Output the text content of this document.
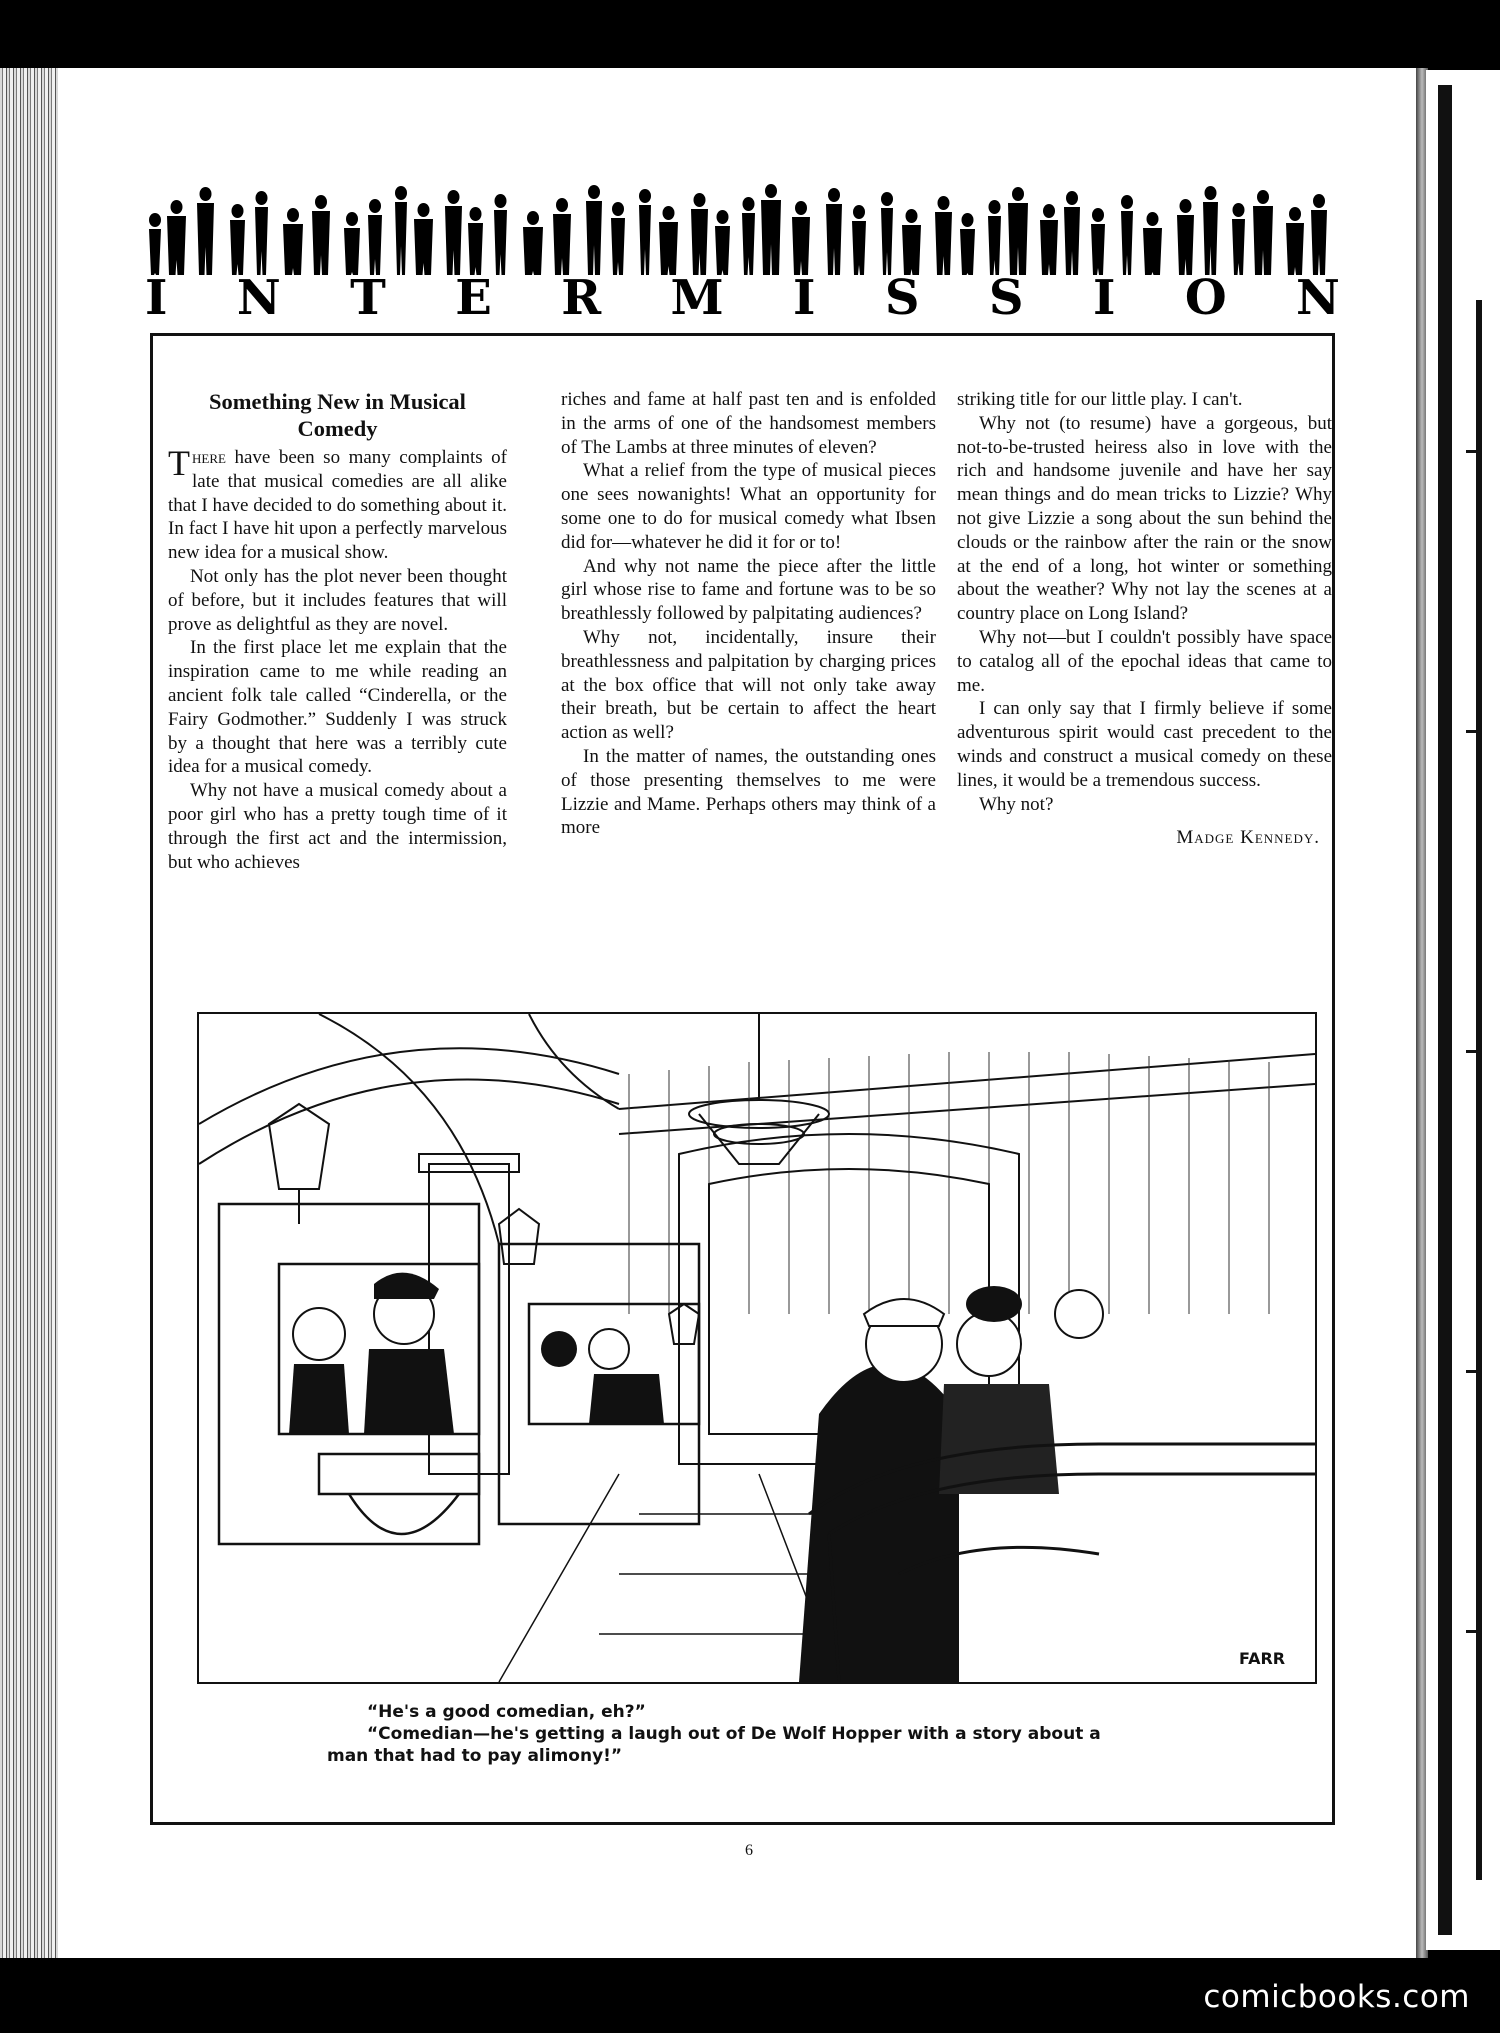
I N T E R M I S S I O N
Something New in Musical Comedy

There have been so many complaints of late that musical comedies are all alike that I have decided to do something about it. In fact I have hit upon a perfectly marvelous new idea for a musical show.

Not only has the plot never been thought of before, but it includes features that will prove as delightful as they are novel.

In the first place let me explain that the inspiration came to me while reading an ancient folk tale called “Cinderella, or the Fairy Godmother.” Suddenly I was struck by a thought that here was a terribly cute idea for a musical comedy.

Why not have a musical comedy about a poor girl who has a pretty tough time of it through the first act and the intermission, but who achieves

riches and fame at half past ten and is enfolded in the arms of one of the handsomest members of The Lambs at three minutes of eleven?

What a relief from the type of musical pieces one sees nowanights! What an opportunity for some one to do for musical comedy what Ibsen did for—whatever he did it for or to!

And why not name the piece after the little girl whose rise to fame and fortune was to be so breathlessly followed by palpitating audiences?

Why not, incidentally, insure their breathlessness and palpitation by charging prices at the box office that will not only take away their breath, but be certain to affect the heart action as well?

In the matter of names, the outstanding ones of those presenting themselves to me were Lizzie and Mame. Perhaps others may think of a more

striking title for our little play. I can't.

Why not (to resume) have a gorgeous, but not-to-be-trusted heiress also in love with the rich and handsome juvenile and have her say mean things and do mean tricks to Lizzie? Why not give Lizzie a song about the sun behind the clouds or the rainbow after the rain or the snow at the end of a long, hot winter or something about the weather? Why not lay the scenes at a country place on Long Island?

Why not—but I couldn't possibly have space to catalog all of the epochal ideas that came to me.

I can only say that I firmly believe if some adventurous spirit would cast precedent to the winds and construct a musical comedy on these lines, it would be a tremendous success.

Why not?

Madge Kennedy.
FARR
“He's a good comedian, eh?”
“Comedian—he's getting a laugh out of De Wolf Hopper with a story about a
man that had to pay alimony!”
6
comicbooks.com
